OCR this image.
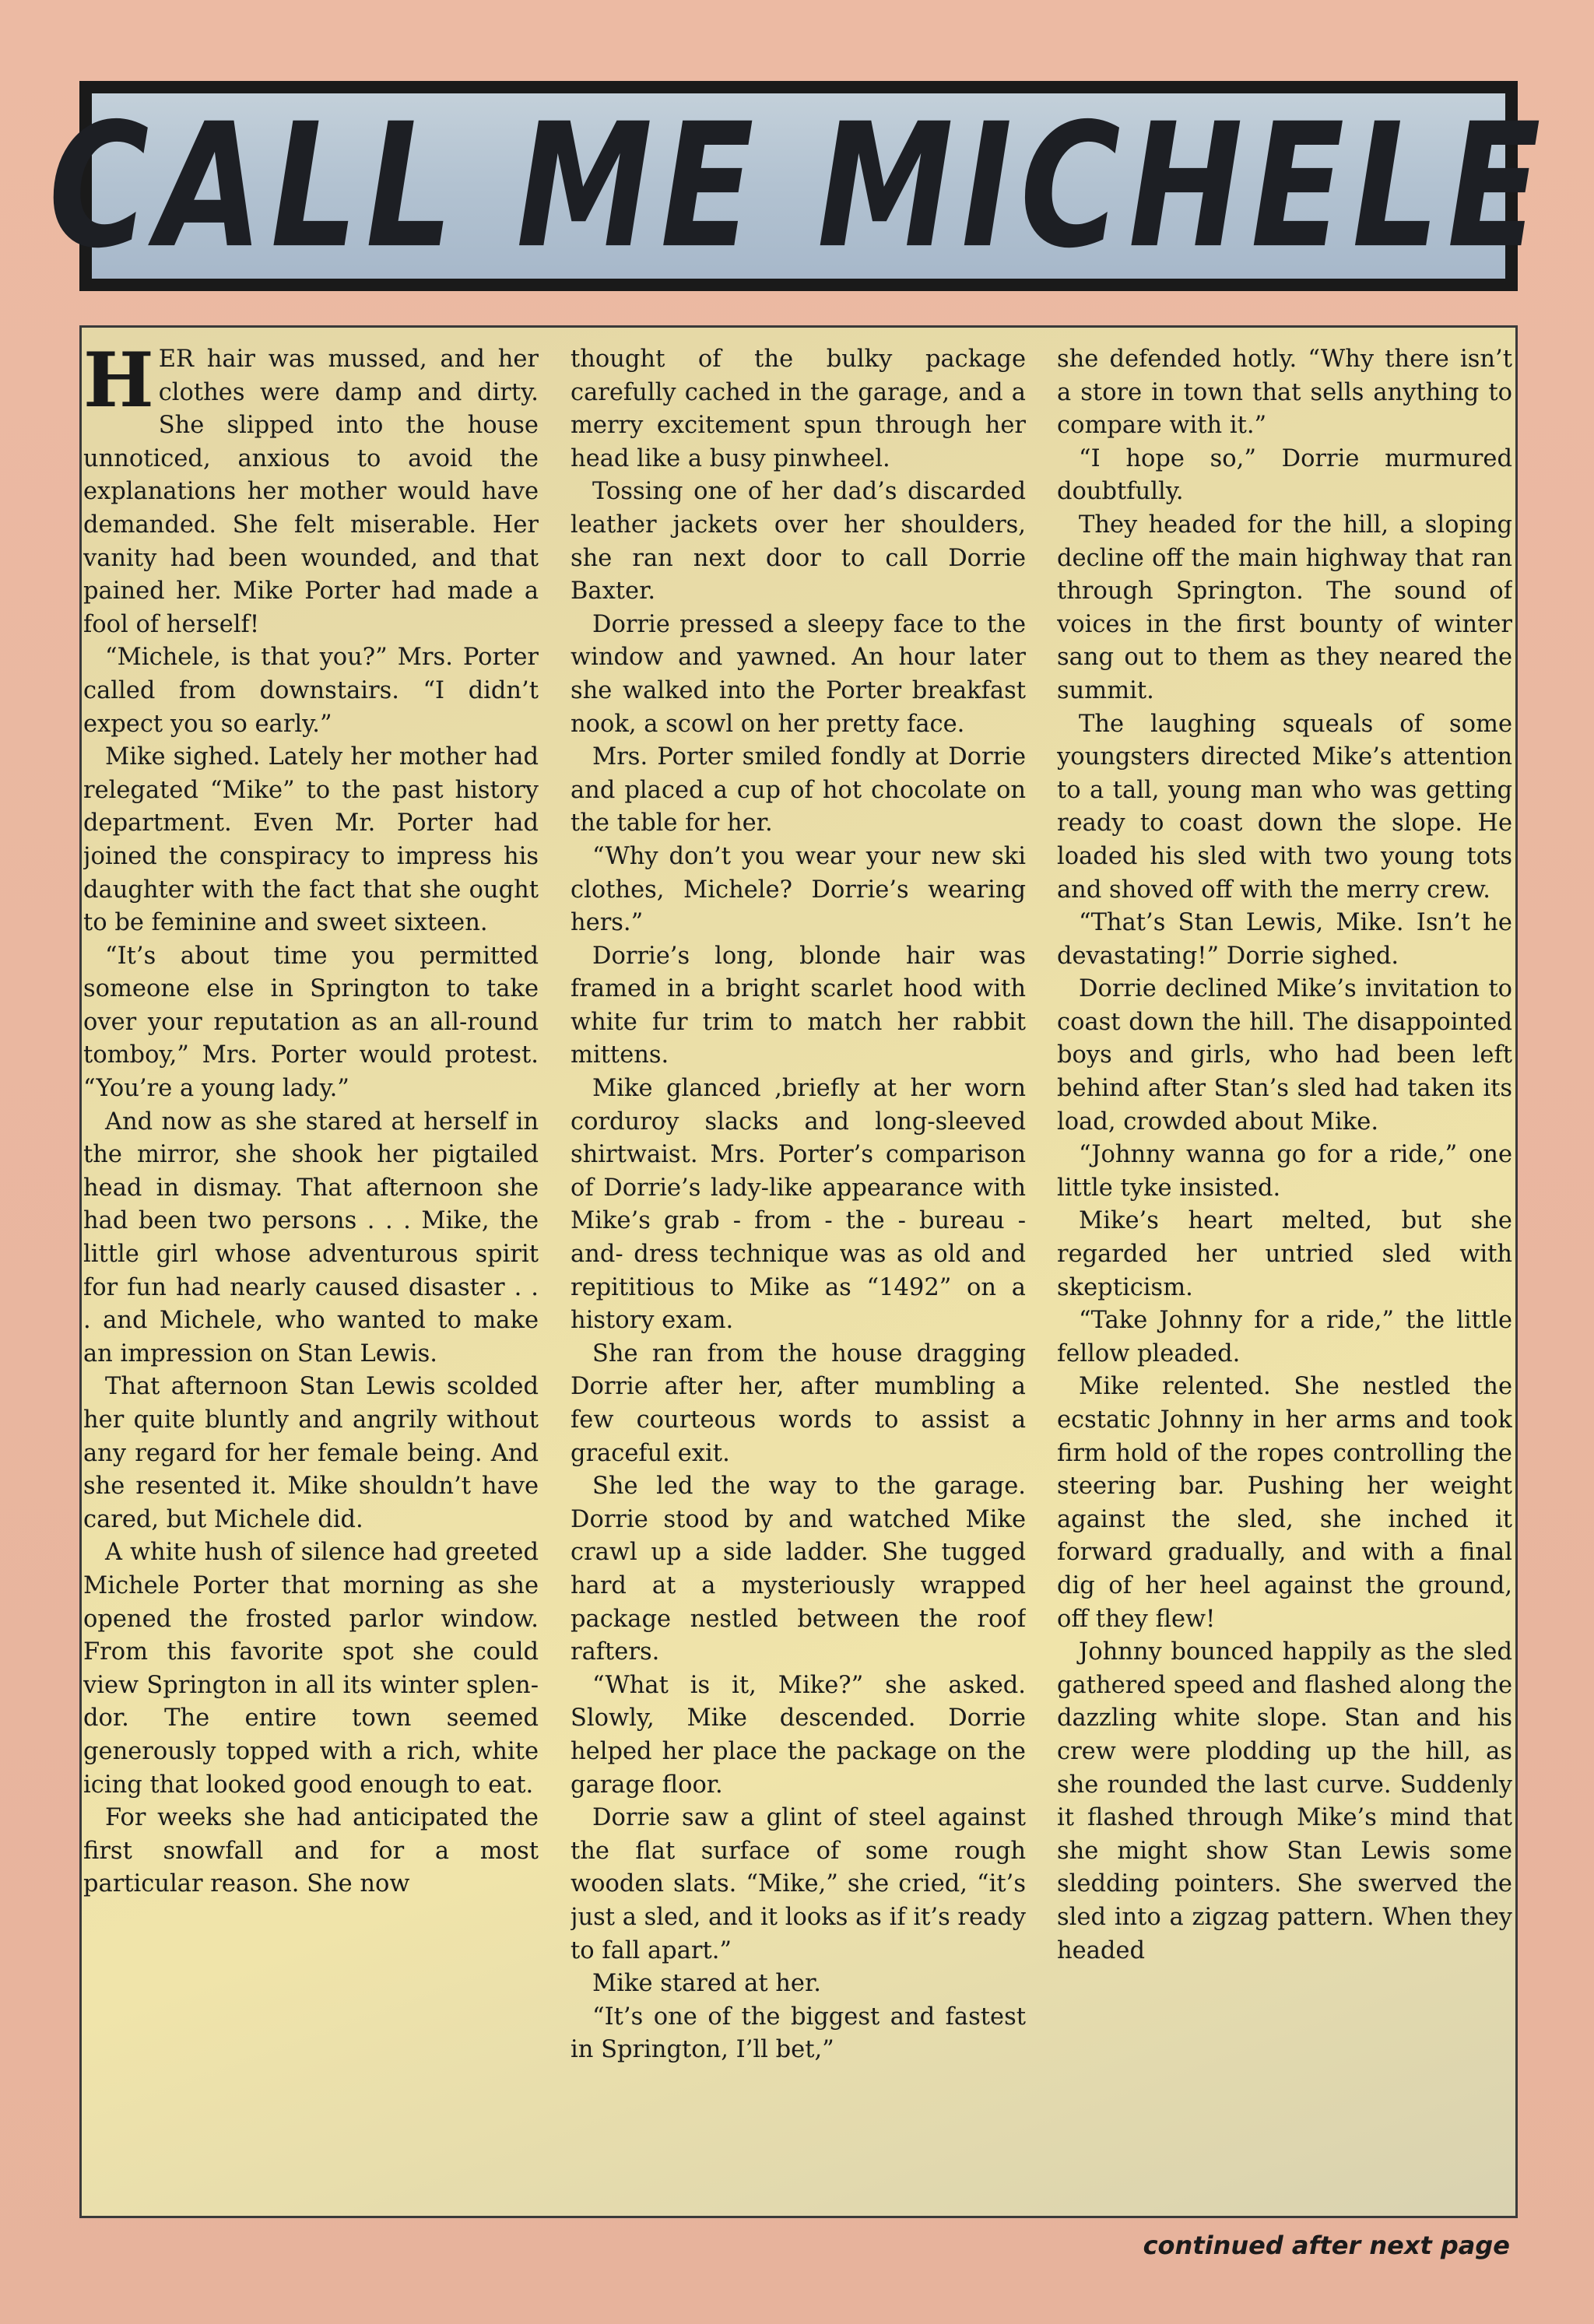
CALL ME MICHELE

HER hair was mussed, and her clothes were damp and dirty. She slipped into the house unnoticed, anxious to avoid the explanations her mother would have demanded. She felt miserable. Her vanity had been wounded, and that pained her. Mike Porter had made a fool of herself!

“Michele, is that you?” Mrs. Porter called from downstairs. “I didn’t expect you so early.”

Mike sighed. Lately her mother had relegated “Mike” to the past history department. Even Mr. Porter had joined the conspiracy to impress his daughter with the fact that she ought to be feminine and sweet sixteen.

“It’s about time you permitted someone else in Springton to take over your reputation as an all-round tomboy,” Mrs. Porter would protest. “You’re a young lady.”

And now as she stared at herself in the mirror, she shook her pigtailed head in dismay. That afternoon she had been two persons . . . Mike, the little girl whose adventurous spirit for fun had nearly caused disaster . . . and Michele, who wanted to make an impression on Stan Lewis.

That afternoon Stan Lewis scolded her quite bluntly and angrily without any regard for her female being. And she resented it. Mike shouldn’t have cared, but Michele did.

A white hush of silence had greeted Michele Porter that morning as she opened the frosted parlor window. From this favorite spot she could view Springton in all its winter splendor. The entire town seemed generously topped with a rich, white icing that looked good enough to eat.

For weeks she had anticipated the first snowfall and for a most particular reason. She now

thought of the bulky package carefully cached in the garage, and a merry excitement spun through her head like a busy pinwheel.

Tossing one of her dad’s discarded leather jackets over her shoulders, she ran next door to call Dorrie Baxter.

Dorrie pressed a sleepy face to the window and yawned. An hour later she walked into the Porter breakfast nook, a scowl on her pretty face.

Mrs. Porter smiled fondly at Dorrie and placed a cup of hot chocolate on the table for her.

“Why don’t you wear your new ski clothes, Michele? Dorrie’s wearing hers.”

Dorrie’s long, blonde hair was framed in a bright scarlet hood with white fur trim to match her rabbit mittens.

Mike glanced ,briefly at her worn corduroy slacks and long-sleeved shirtwaist. Mrs. Porter’s comparison of Dorrie’s lady-like appearance with Mike’s grab - from - the - bureau - and- dress technique was as old and repititious to Mike as “1492” on a history exam.

She ran from the house dragging Dorrie after her, after mumbling a few courteous words to assist a graceful exit.

She led the way to the garage. Dorrie stood by and watched Mike crawl up a side ladder. She tugged hard at a mysteriously wrapped package nestled between the roof rafters.

“What is it, Mike?” she asked. Slowly, Mike descended. Dorrie helped her place the package on the garage floor.

Dorrie saw a glint of steel against the flat surface of some rough wooden slats. “Mike,” she cried, “it’s just a sled, and it looks as if it’s ready to fall apart.”

Mike stared at her.

“It’s one of the biggest and fastest in Springton, I’ll bet,”

she defended hotly. “Why there isn’t a store in town that sells anything to compare with it.”

“I hope so,” Dorrie murmured doubtfully.

They headed for the hill, a sloping decline off the main highway that ran through Springton. The sound of voices in the first bounty of winter sang out to them as they neared the summit.

The laughing squeals of some youngsters directed Mike’s attention to a tall, young man who was getting ready to coast down the slope. He loaded his sled with two young tots and shoved off with the merry crew.

“That’s Stan Lewis, Mike. Isn’t he devastating!” Dorrie sighed.

Dorrie declined Mike’s invitation to coast down the hill. The disappointed boys and girls, who had been left behind after Stan’s sled had taken its load, crowded about Mike.

“Johnny wanna go for a ride,” one little tyke insisted.

Mike’s heart melted, but she regarded her untried sled with skepticism.

“Take Johnny for a ride,” the little fellow pleaded.

Mike relented. She nestled the ecstatic Johnny in her arms and took firm hold of the ropes controlling the steering bar. Pushing her weight against the sled, she inched it forward gradually, and with a final dig of her heel against the ground, off they flew!

Johnny bounced happily as the sled gathered speed and flashed along the dazzling white slope. Stan and his crew were plodding up the hill, as she rounded the last curve. Suddenly it flashed through Mike’s mind that she might show Stan Lewis some sledding pointers. She swerved the sled into a zigzag pattern. When they headed

continued after next page
